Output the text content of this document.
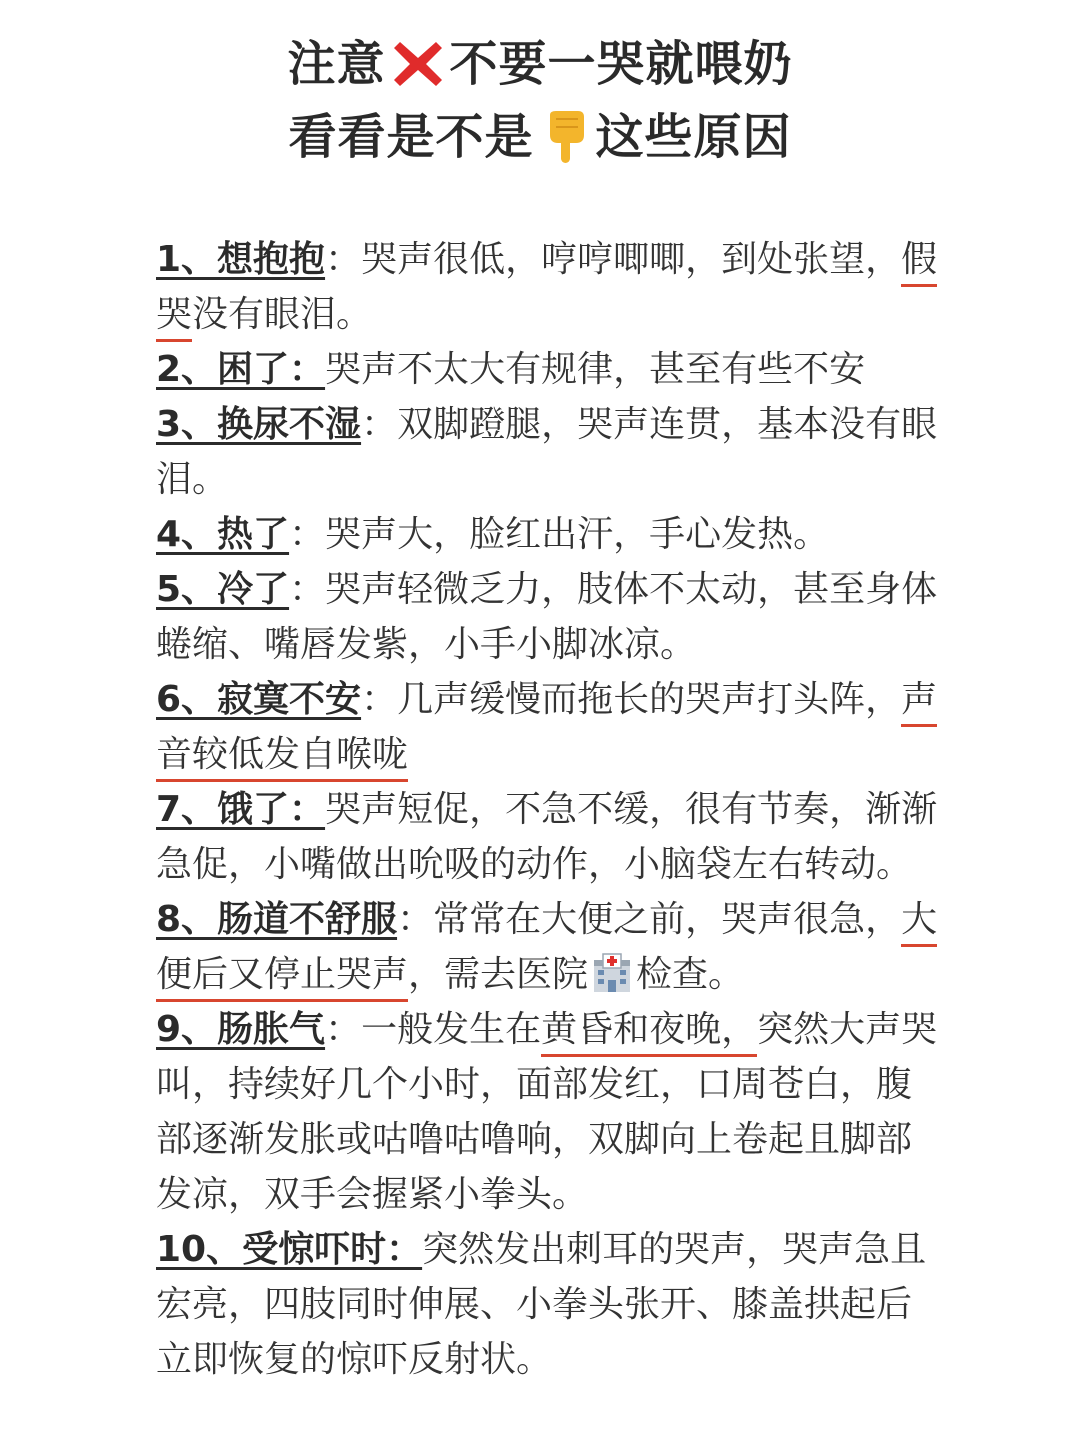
注意 不要一哭就喂奶
看看是不是 这些原因

1、想抱抱：哭声很低，哼哼唧唧，到处张望，假哭没有眼泪。

2、困了：哭声不太大有规律，甚至有些不安

3、换尿不湿：双脚蹬腿，哭声连贯，基本没有眼泪。

4、热了：哭声大，脸红出汗，手心发热。

5、冷了：哭声轻微乏力，肢体不太动，甚至身体蜷缩、嘴唇发紫，小手小脚冰凉。

6、寂寞不安：几声缓慢而拖长的哭声打头阵，声音较低发自喉咙

7、饿了：哭声短促，不急不缓，很有节奏，渐渐急促，小嘴做出吮吸的动作，小脑袋左右转动。

8、肠道不舒服：常常在大便之前，哭声很急，大便后又停止哭声，需去医院 检查。

9、肠胀气：一般发生在黄昏和夜晚，突然大声哭叫，持续好几个小时，面部发红，口周苍白，腹部逐渐发胀或咕噜咕噜响，双脚向上卷起且脚部发凉，双手会握紧小拳头。

10、受惊吓时：突然发出刺耳的哭声，哭声急且宏亮，四肢同时伸展、小拳头张开、膝盖拱起后立即恢复的惊吓反射状。
